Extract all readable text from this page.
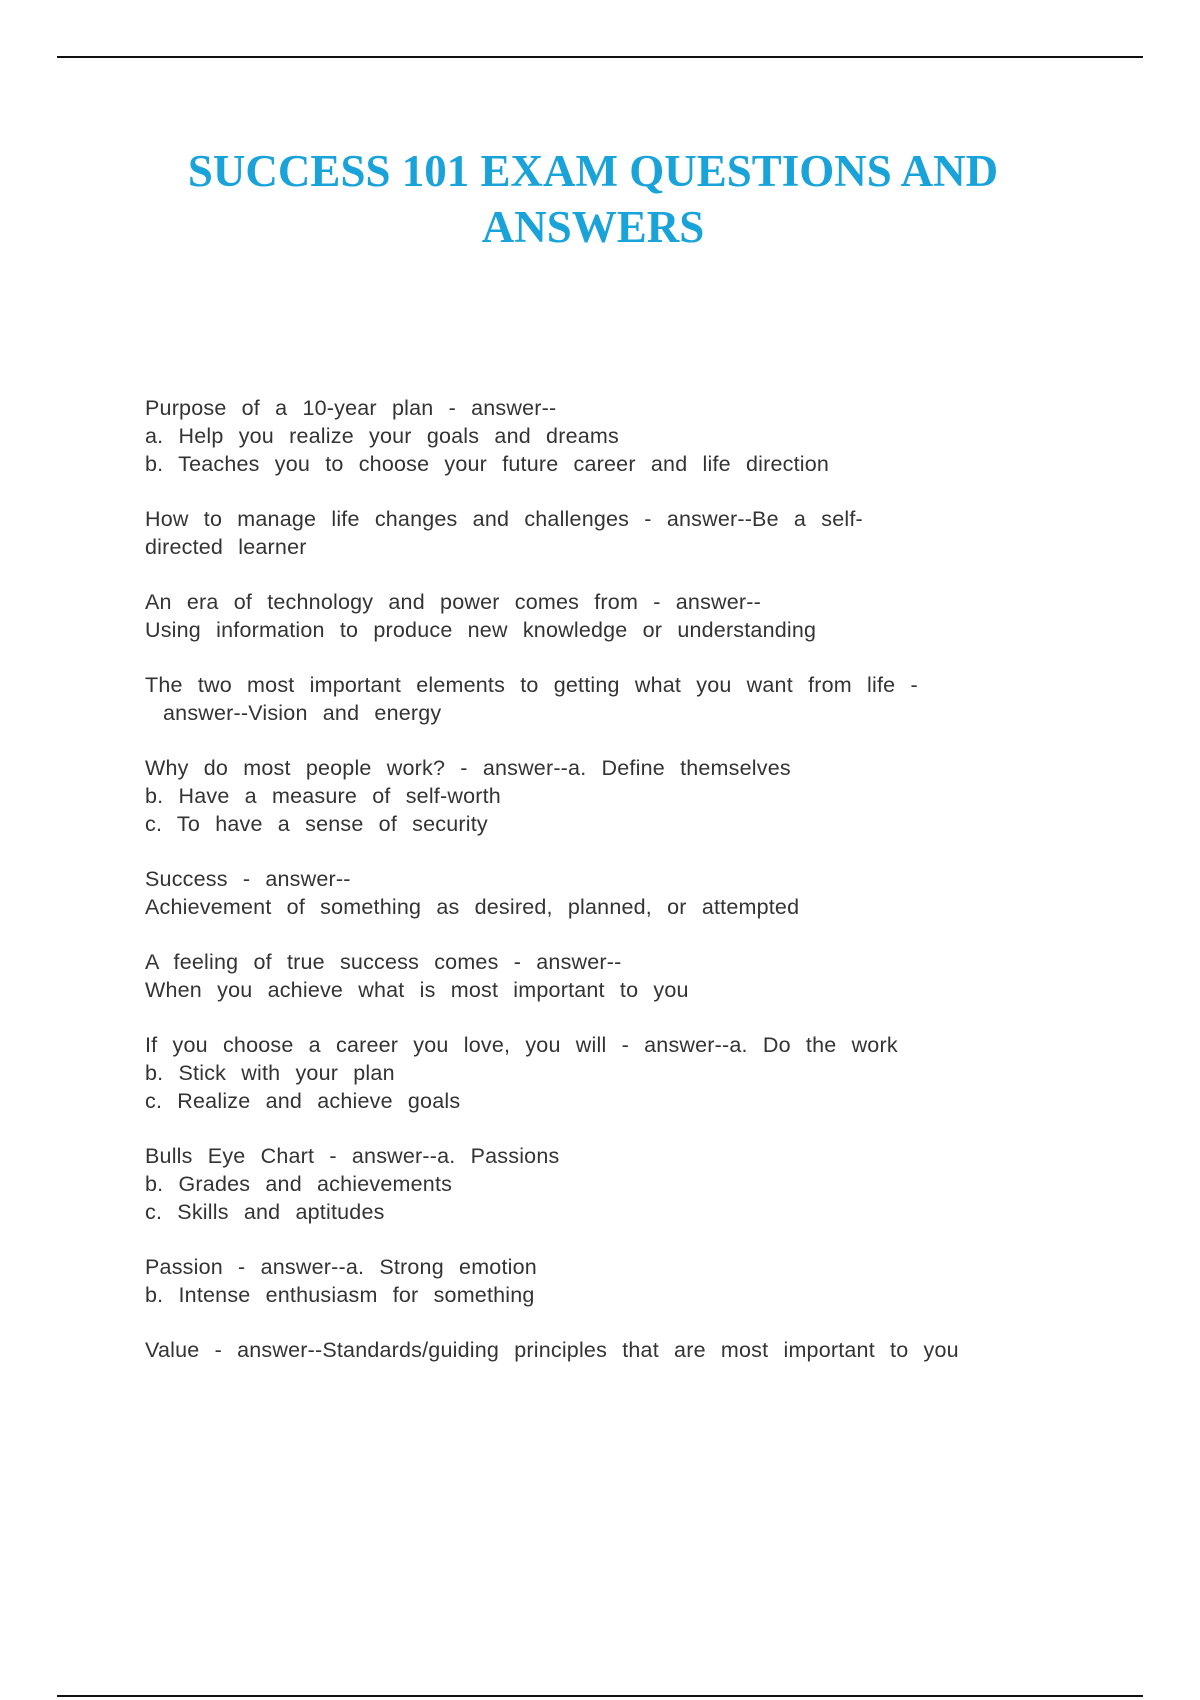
SUCCESS 101 EXAM QUESTIONS AND
ANSWERS
Purpose of a 10-year plan - answer--
a. Help you realize your goals and dreams
b. Teaches you to choose your future career and life direction
How to manage life changes and challenges - answer--Be a self-
directed learner
An era of technology and power comes from - answer--
Using information to produce new knowledge or understanding
The two most important elements to getting what you want from life -
answer--Vision and energy
Why do most people work? - answer--a. Define themselves
b. Have a measure of self-worth
c. To have a sense of security
Success - answer--
Achievement of something as desired, planned, or attempted
A feeling of true success comes - answer--
When you achieve what is most important to you
If you choose a career you love, you will - answer--a. Do the work
b. Stick with your plan
c. Realize and achieve goals
Bulls Eye Chart - answer--a. Passions
b. Grades and achievements
c. Skills and aptitudes
Passion - answer--a. Strong emotion
b. Intense enthusiasm for something
Value - answer--Standards/guiding principles that are most important to you
